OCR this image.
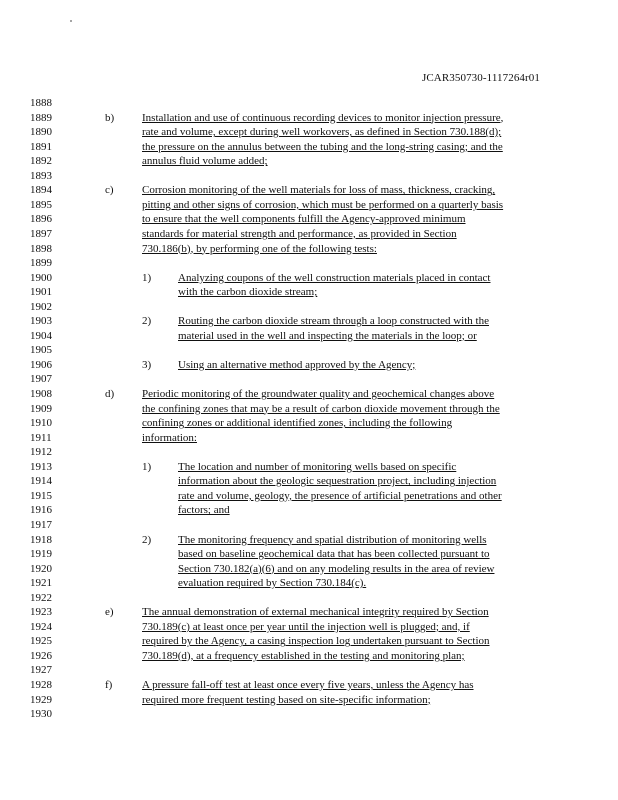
JCAR350730-1117264r01
1888
1889	b)	Installation and use of continuous recording devices to monitor injection pressure,
1890	rate and volume, except during well workovers, as defined in Section 730.188(d);
1891	the pressure on the annulus between the tubing and the long-string casing; and the
1892	annulus fluid volume added;
1893
1894	c)	Corrosion monitoring of the well materials for loss of mass, thickness, cracking,
1895	pitting and other signs of corrosion, which must be performed on a quarterly basis
1896	to ensure that the well components fulfill the Agency-approved minimum
1897	standards for material strength and performance, as provided in Section
1898	730.186(b), by performing one of the following tests:
1899
1900	1) Analyzing coupons of the well construction materials placed in contact
1901	with the carbon dioxide stream;
1902
1903	2) Routing the carbon dioxide stream through a loop constructed with the
1904	material used in the well and inspecting the materials in the loop; or
1905
1906	3) Using an alternative method approved by the Agency;
1907
1908	d)	Periodic monitoring of the groundwater quality and geochemical changes above
1909	the confining zones that may be a result of carbon dioxide movement through the
1910	confining zones or additional identified zones, including the following
1911	information:
1912
1913	1) The location and number of monitoring wells based on specific
1914	information about the geologic sequestration project, including injection
1915	rate and volume, geology, the presence of artificial penetrations and other
1916	factors; and
1917
1918	2) The monitoring frequency and spatial distribution of monitoring wells
1919	based on baseline geochemical data that has been collected pursuant to
1920	Section 730.182(a)(6) and on any modeling results in the area of review
1921	evaluation required by Section 730.184(c).
1922
1923	e)	The annual demonstration of external mechanical integrity required by Section
1924	730.189(c) at least once per year until the injection well is plugged; and, if
1925	required by the Agency, a casing inspection log undertaken pursuant to Section
1926	730.189(d), at a frequency established in the testing and monitoring plan;
1927
1928	f)	A pressure fall-off test at least once every five years, unless the Agency has
1929	required more frequent testing based on site-specific information;
1930
